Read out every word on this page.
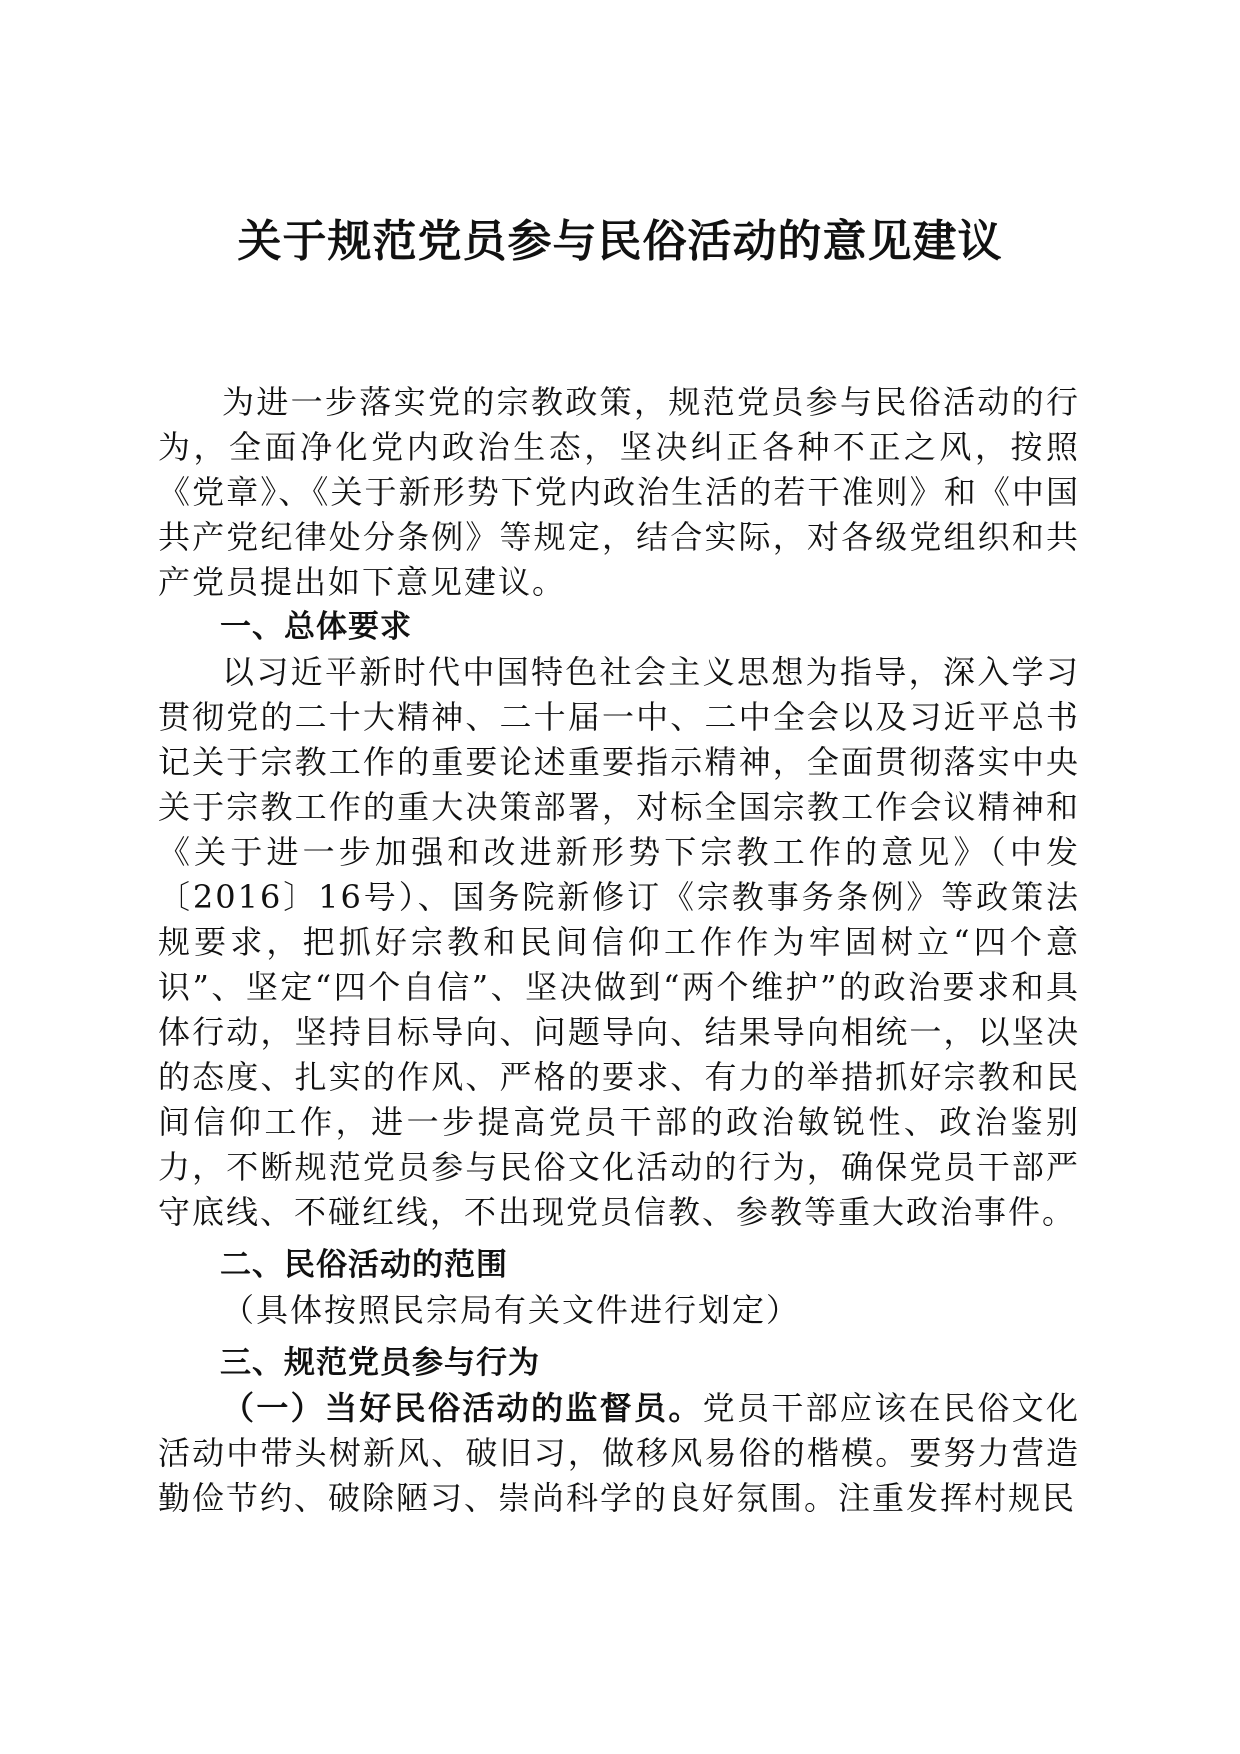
关于规范党员参与民俗活动的意见建议

为进一步落实党的宗教政策，规范党员参与民俗活动的行为，全面净化党内政治生态，坚决纠正各种不正之风，按照《党章》、《关于新形势下党内政治生活的若干准则》和《中国共产党纪律处分条例》等规定，结合实际，对各级党组织和共产党员提出如下意见建议。

一、总体要求

以习近平新时代中国特色社会主义思想为指导，深入学习贯彻党的二十大精神、二十届一中、二中全会以及习近平总书记关于宗教工作的重要论述重要指示精神，全面贯彻落实中央关于宗教工作的重大决策部署，对标全国宗教工作会议精神和《关于进一步加强和改进新形势下宗教工作的意见》（中发〔2016〕16号）、国务院新修订《宗教事务条例》等政策法规要求，把抓好宗教和民间信仰工作作为牢固树立“四个意识”、坚定“四个自信”、坚决做到“两个维护”的政治要求和具体行动，坚持目标导向、问题导向、结果导向相统一，以坚决的态度、扎实的作风、严格的要求、有力的举措抓好宗教和民间信仰工作，进一步提高党员干部的政治敏锐性、政治鉴别力，不断规范党员参与民俗文化活动的行为，确保党员干部严守底线、不碰红线，不出现党员信教、参教等重大政治事件。

二、民俗活动的范围

（具体按照民宗局有关文件进行划定）

三、规范党员参与行为

（一）当好民俗活动的监督员。党员干部应该在民俗文化活动中带头树新风、破旧习，做移风易俗的楷模。要努力营造勤俭节约、破除陋习、崇尚科学的良好氛围。注重发挥村规民
